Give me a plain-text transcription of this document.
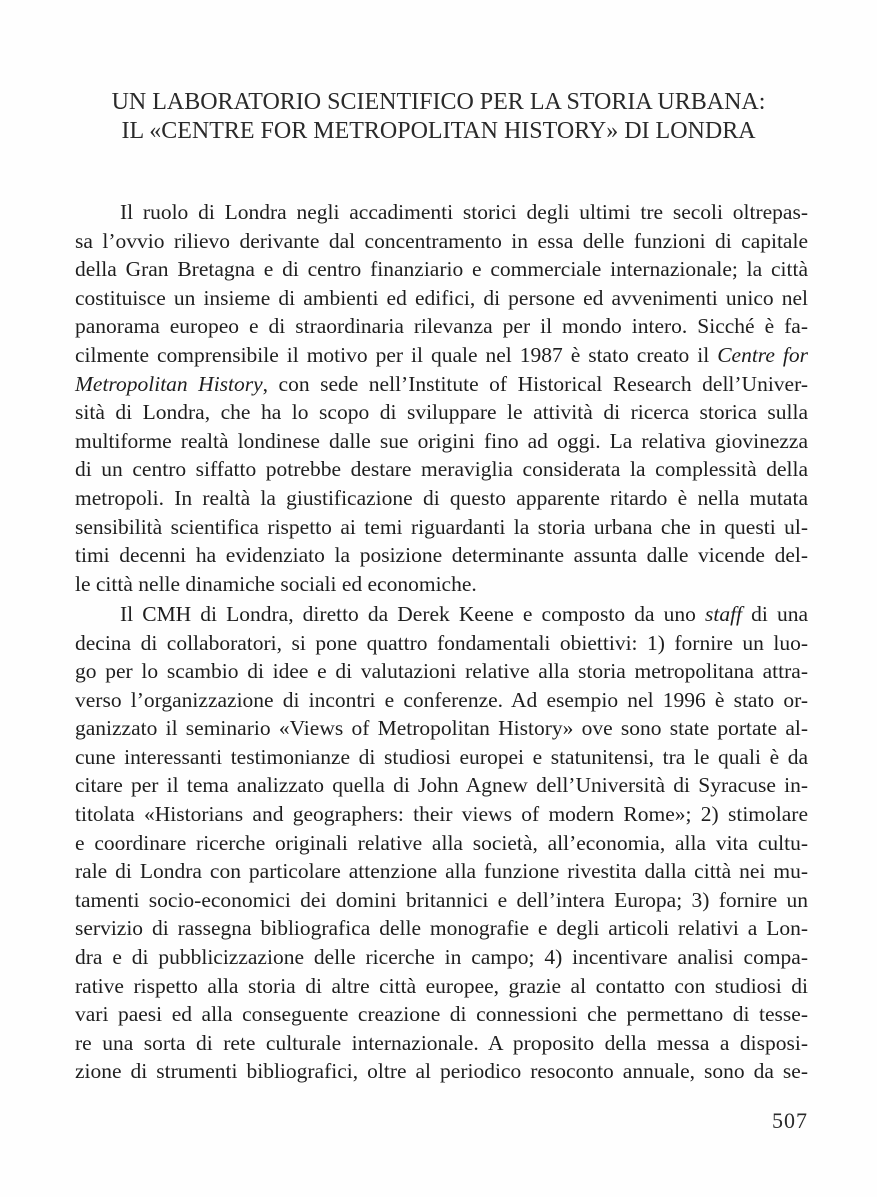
UN LABORATORIO SCIENTIFICO PER LA STORIA URBANA:
IL «CENTRE FOR METROPOLITAN HISTORY» DI LONDRA
Il ruolo di Londra negli accadimenti storici degli ultimi tre secoli oltrepas-
sa l’ovvio rilievo derivante dal concentramento in essa delle funzioni di capitale
della Gran Bretagna e di centro finanziario e commerciale internazionale; la città
costituisce un insieme di ambienti ed edifici, di persone ed avvenimenti unico nel
panorama europeo e di straordinaria rilevanza per il mondo intero. Sicché è fa-
cilmente comprensibile il motivo per il quale nel 1987 è stato creato il Centre for
Metropolitan History, con sede nell’Institute of Historical Research dell’Univer-
sità di Londra, che ha lo scopo di sviluppare le attività di ricerca storica sulla
multiforme realtà londinese dalle sue origini fino ad oggi. La relativa giovinezza
di un centro siffatto potrebbe destare meraviglia considerata la complessità della
metropoli. In realtà la giustificazione di questo apparente ritardo è nella mutata
sensibilità scientifica rispetto ai temi riguardanti la storia urbana che in questi ul-
timi decenni ha evidenziato la posizione determinante assunta dalle vicende del-
le città nelle dinamiche sociali ed economiche.
Il CMH di Londra, diretto da Derek Keene e composto da uno staff di una
decina di collaboratori, si pone quattro fondamentali obiettivi: 1) fornire un luo-
go per lo scambio di idee e di valutazioni relative alla storia metropolitana attra-
verso l’organizzazione di incontri e conferenze. Ad esempio nel 1996 è stato or-
ganizzato il seminario «Views of Metropolitan History» ove sono state portate al-
cune interessanti testimonianze di studiosi europei e statunitensi, tra le quali è da
citare per il tema analizzato quella di John Agnew dell’Università di Syracuse in-
titolata «Historians and geographers: their views of modern Rome»; 2) stimolare
e coordinare ricerche originali relative alla società, all’economia, alla vita cultu-
rale di Londra con particolare attenzione alla funzione rivestita dalla città nei mu-
tamenti socio-economici dei domini britannici e dell’intera Europa; 3) fornire un
servizio di rassegna bibliografica delle monografie e degli articoli relativi a Lon-
dra e di pubblicizzazione delle ricerche in campo; 4) incentivare analisi compa-
rative rispetto alla storia di altre città europee, grazie al contatto con studiosi di
vari paesi ed alla conseguente creazione di connessioni che permettano di tesse-
re una sorta di rete culturale internazionale. A proposito della messa a disposi-
zione di strumenti bibliografici, oltre al periodico resoconto annuale, sono da se-
507
